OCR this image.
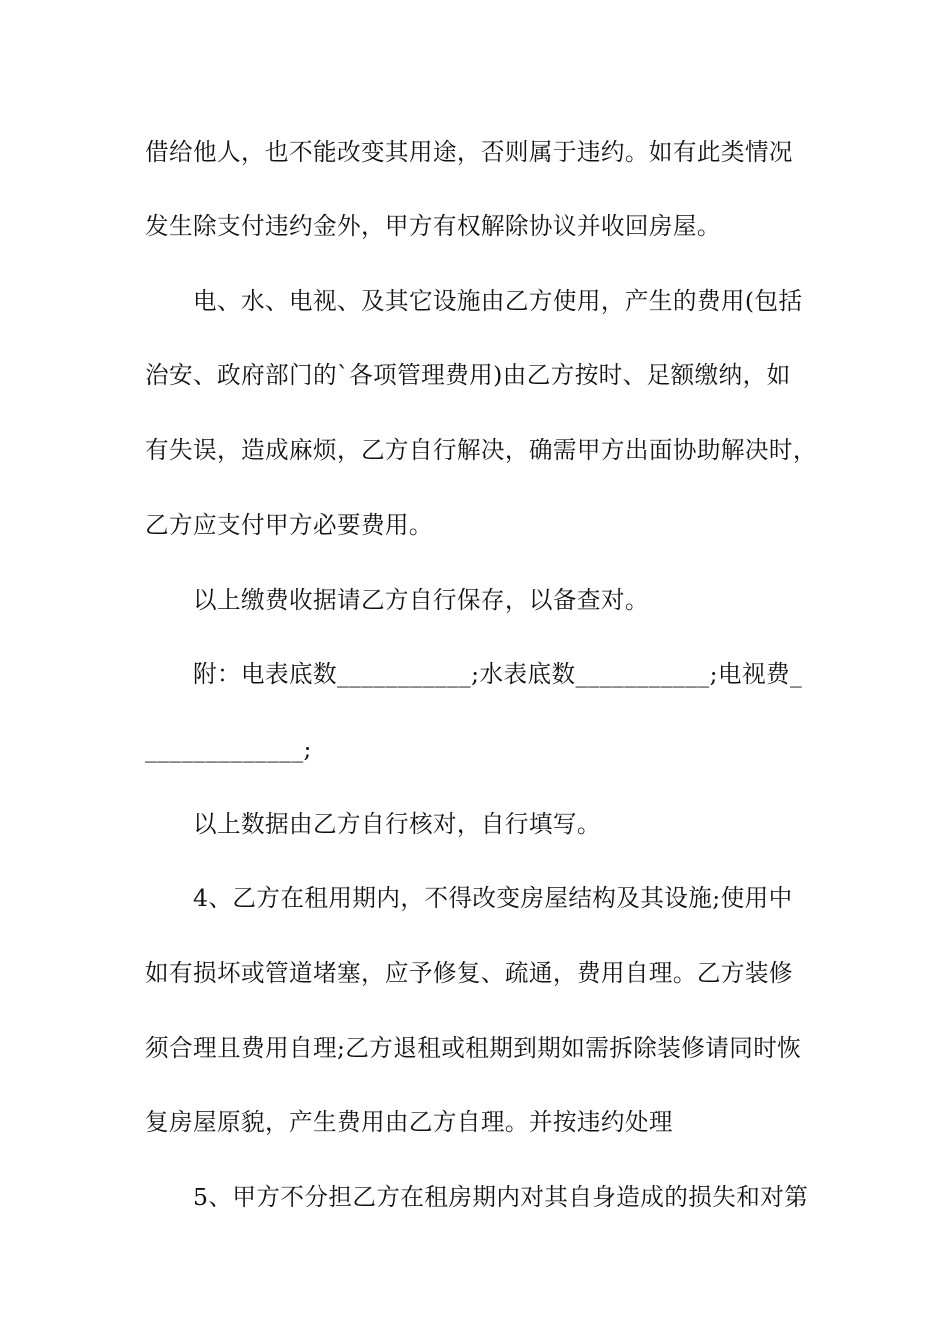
借给他人，也不能改变其用途，否则属于违约。如有此类情况
发生除支付违约金外，甲方有权解除协议并收回房屋。
电、水、电视、及其它设施由乙方使用，产生的费用(包括
治安、政府部门的`各项管理费用)由乙方按时、足额缴纳，如
有失误，造成麻烦，乙方自行解决，确需甲方出面协助解决时，
乙方应支付甲方必要费用。
以上缴费收据请乙方自行保存，以备查对。
附：电表底数___________;水表底数___________;电视费_
_____________;
以上数据由乙方自行核对，自行填写。
4、乙方在租用期内，不得改变房屋结构及其设施;使用中
如有损坏或管道堵塞，应予修复、疏通，费用自理。乙方装修
须合理且费用自理;乙方退租或租期到期如需拆除装修请同时恢
复房屋原貌，产生费用由乙方自理。并按违约处理
5、甲方不分担乙方在租房期内对其自身造成的损失和对第
